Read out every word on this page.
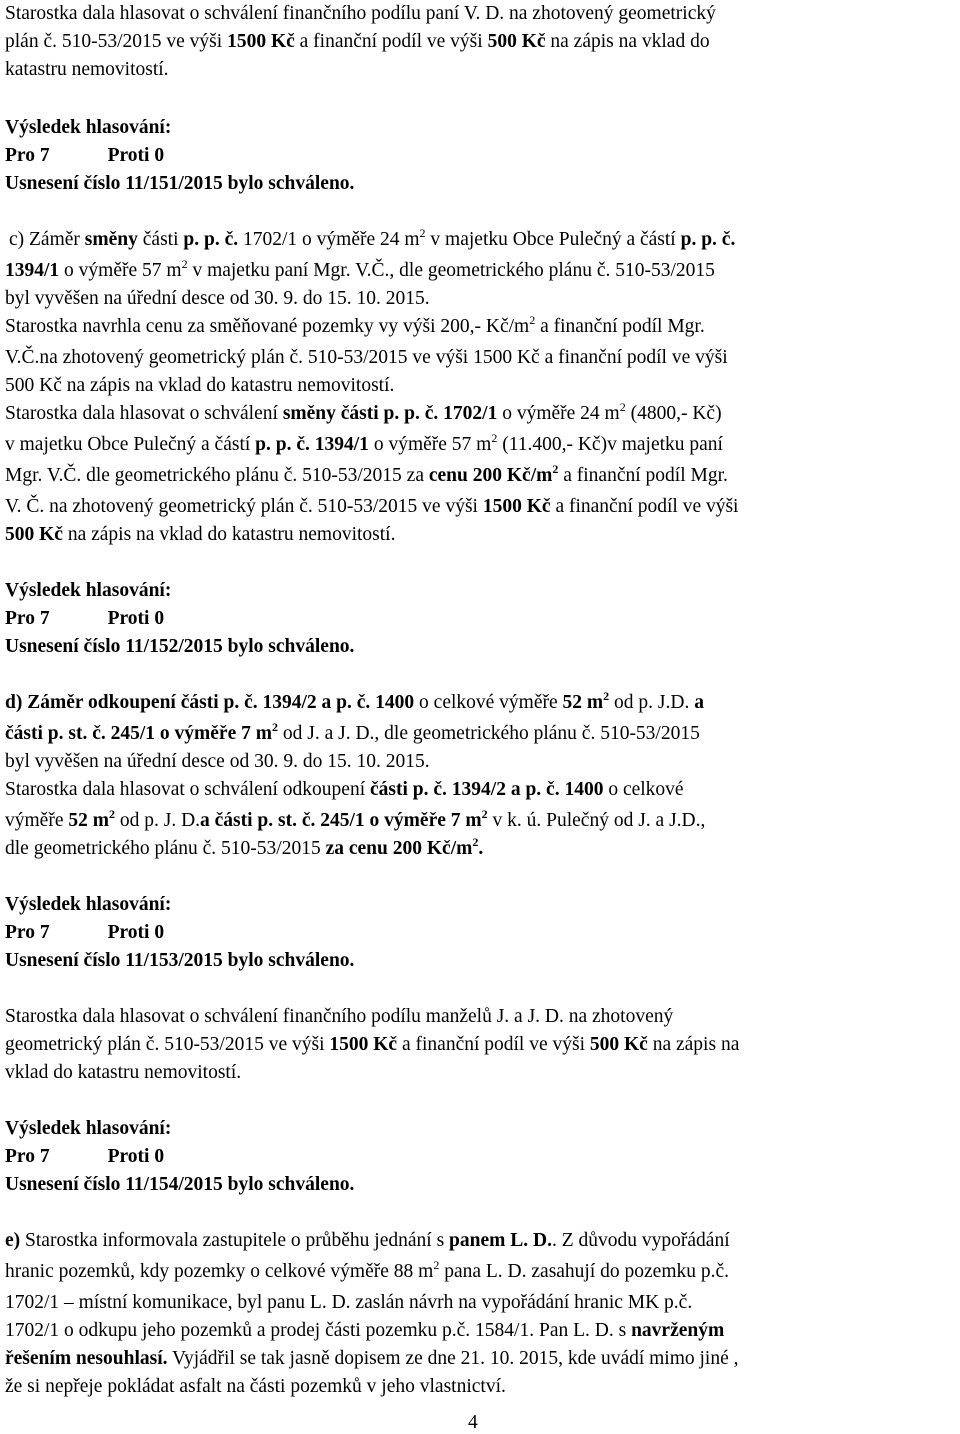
Starostka dala hlasovat o schválení finančního podílu paní V. D. na zhotovený geometrický
plán č. 510-53/2015 ve výši 1500 Kč a finanční podíl ve výši 500 Kč na zápis na vklad do
katastru nemovitostí.
Výsledek hlasování:
Pro 7	Proti 0
Usnesení číslo 11/151/2015 bylo schváleno.
c) Záměr směny části p. p. č. 1702/1 o výměře 24 $m^2$ v majetku Obce Pulečný a částí p. p. č.
1394/1 o výměře 57 $m^2$ v majetku paní Mgr. V.Č., dle geometrického plánu č. 510-53/2015
byl vyvěšen na úřední desce od 30. 9. do 15. 10. 2015.
Starostka navrhla cenu za směňované pozemky vy výši 200,- $Kč/m^2$ a finanční podíl Mgr.
V.Č.na zhotovený geometrický plán č. 510-53/2015 ve výši 1500 Kč a finanční podíl ve výši
500 Kč na zápis na vklad do katastru nemovitostí.
Starostka dala hlasovat o schválení směny části p. p. č. 1702/1 o výměře 24 $m^2$ (4800,- Kč)
v majetku Obce Pulečný a částí p. p. č. 1394/1 o výměře 57 $m^2$ (11.400,- Kč)v majetku paní
Mgr. V.Č. dle geometrického plánu č. 510-53/2015 za cenu 200 $Kč/m^2$ a finanční podíl Mgr.
V. Č. na zhotovený geometrický plán č. 510-53/2015 ve výši 1500 Kč a finanční podíl ve výši
500 Kč na zápis na vklad do katastru nemovitostí.
Výsledek hlasování:
Pro 7	Proti 0
Usnesení číslo 11/152/2015 bylo schváleno.
d) Záměr odkoupení části p. č. 1394/2 a p. č. 1400 o celkové výměře 52 $m^2$ od p. J.D. a
části p. st. č. 245/1 o výměře 7 $m^2$ od J. a J. D., dle geometrického plánu č. 510-53/2015
byl vyvěšen na úřední desce od 30. 9. do 15. 10. 2015.
Starostka dala hlasovat o schválení odkoupení části p. č. 1394/2 a p. č. 1400 o celkové
výměře 52 $m^2$ od p. J. D.a části p. st. č. 245/1 o výměře 7 $m^2$ v k. ú. Pulečný od J. a J.D.,
dle geometrického plánu č. 510-53/2015 za cenu 200 $Kč/m^2$.
Výsledek hlasování:
Pro 7	Proti 0
Usnesení číslo 11/153/2015 bylo schváleno.
Starostka dala hlasovat o schválení finančního podílu manželů J. a J. D. na zhotovený
geometrický plán č. 510-53/2015 ve výši 1500 Kč a finanční podíl ve výši 500 Kč na zápis na
vklad do katastru nemovitostí.
Výsledek hlasování:
Pro 7	Proti 0
Usnesení číslo 11/154/2015 bylo schváleno.
e) Starostka informovala zastupitele o průběhu jednání s panem L. D.. Z důvodu vypořádání
hranic pozemků, kdy pozemky o celkové výměře 88 $m^2$ pana L. D. zasahují do pozemku p.č.
1702/1 – místní komunikace, byl panu L. D. zaslán návrh na vypořádání hranic MK p.č.
1702/1 o odkupu jeho pozemků a prodej části pozemku p.č. 1584/1. Pan L. D. s navrženým
řešením nesouhlasí. Vyjádřil se tak jasně dopisem ze dne 21. 10. 2015, kde uvádí mimo jiné ,
že si nepřeje pokládat asfalt na části pozemků v jeho vlastnictví.
4
